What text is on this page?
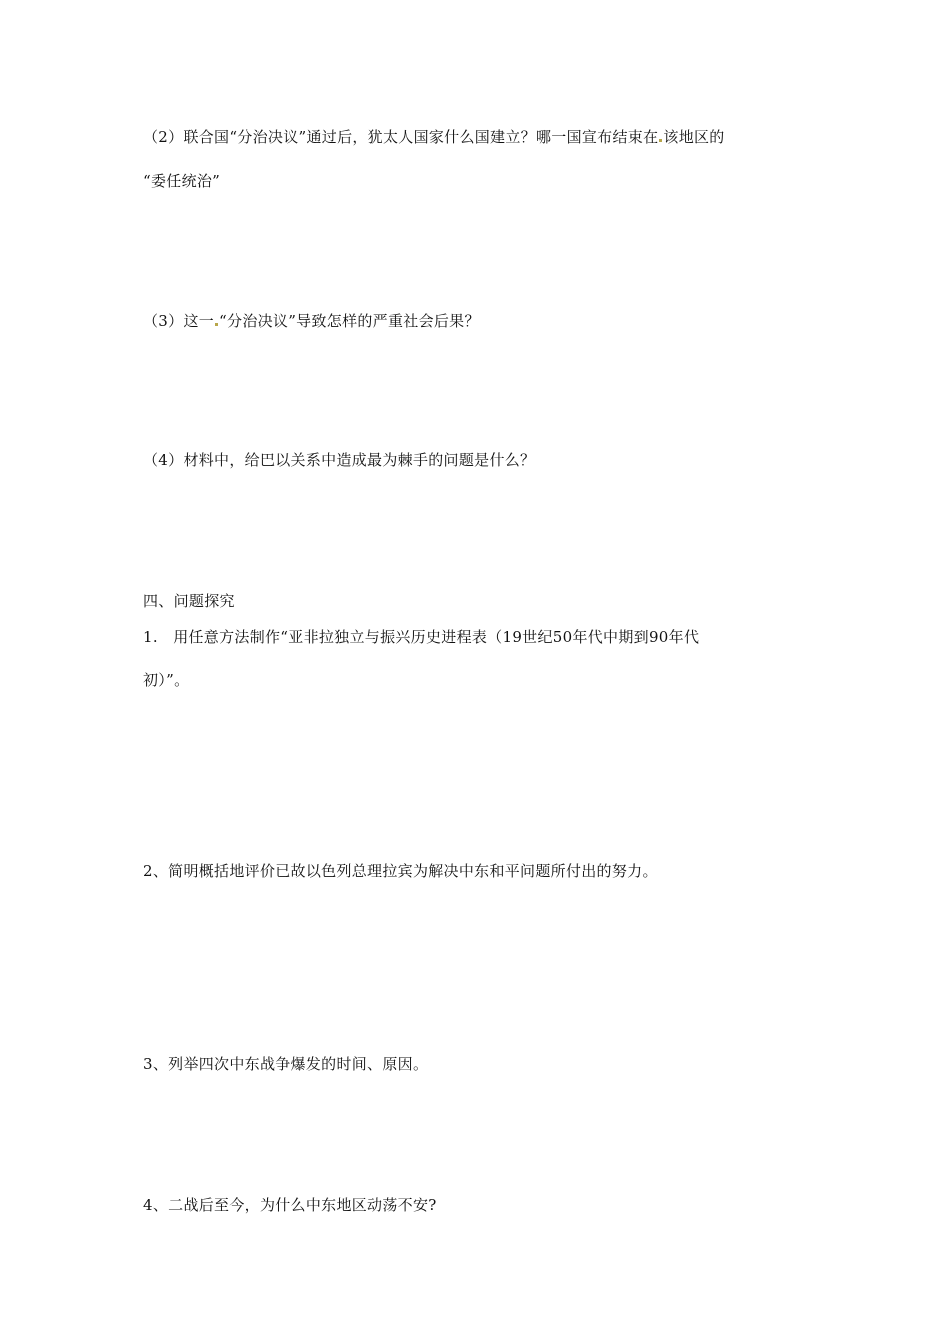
（2）联合国“分治决议”通过后，犹太人国家什么国建立？哪一国宣布结束在 该地区的
“委任统治”
（3）这一 “分治决议”导致怎样的严重社会后果？
（4）材料中，给巴以关系中造成最为棘手的问题是什么？
四、问题探究
1.　用任意方法制作“亚非拉独立与振兴历史进程表（19世纪50年代中期到90年代
初）”。
2、简明概括地评价已故以色列总理拉宾为解决中东和平问题所付出的努力。
3、列举四次中东战争爆发的时间、原因。
4、二战后至今，为什么中东地区动荡不安?
